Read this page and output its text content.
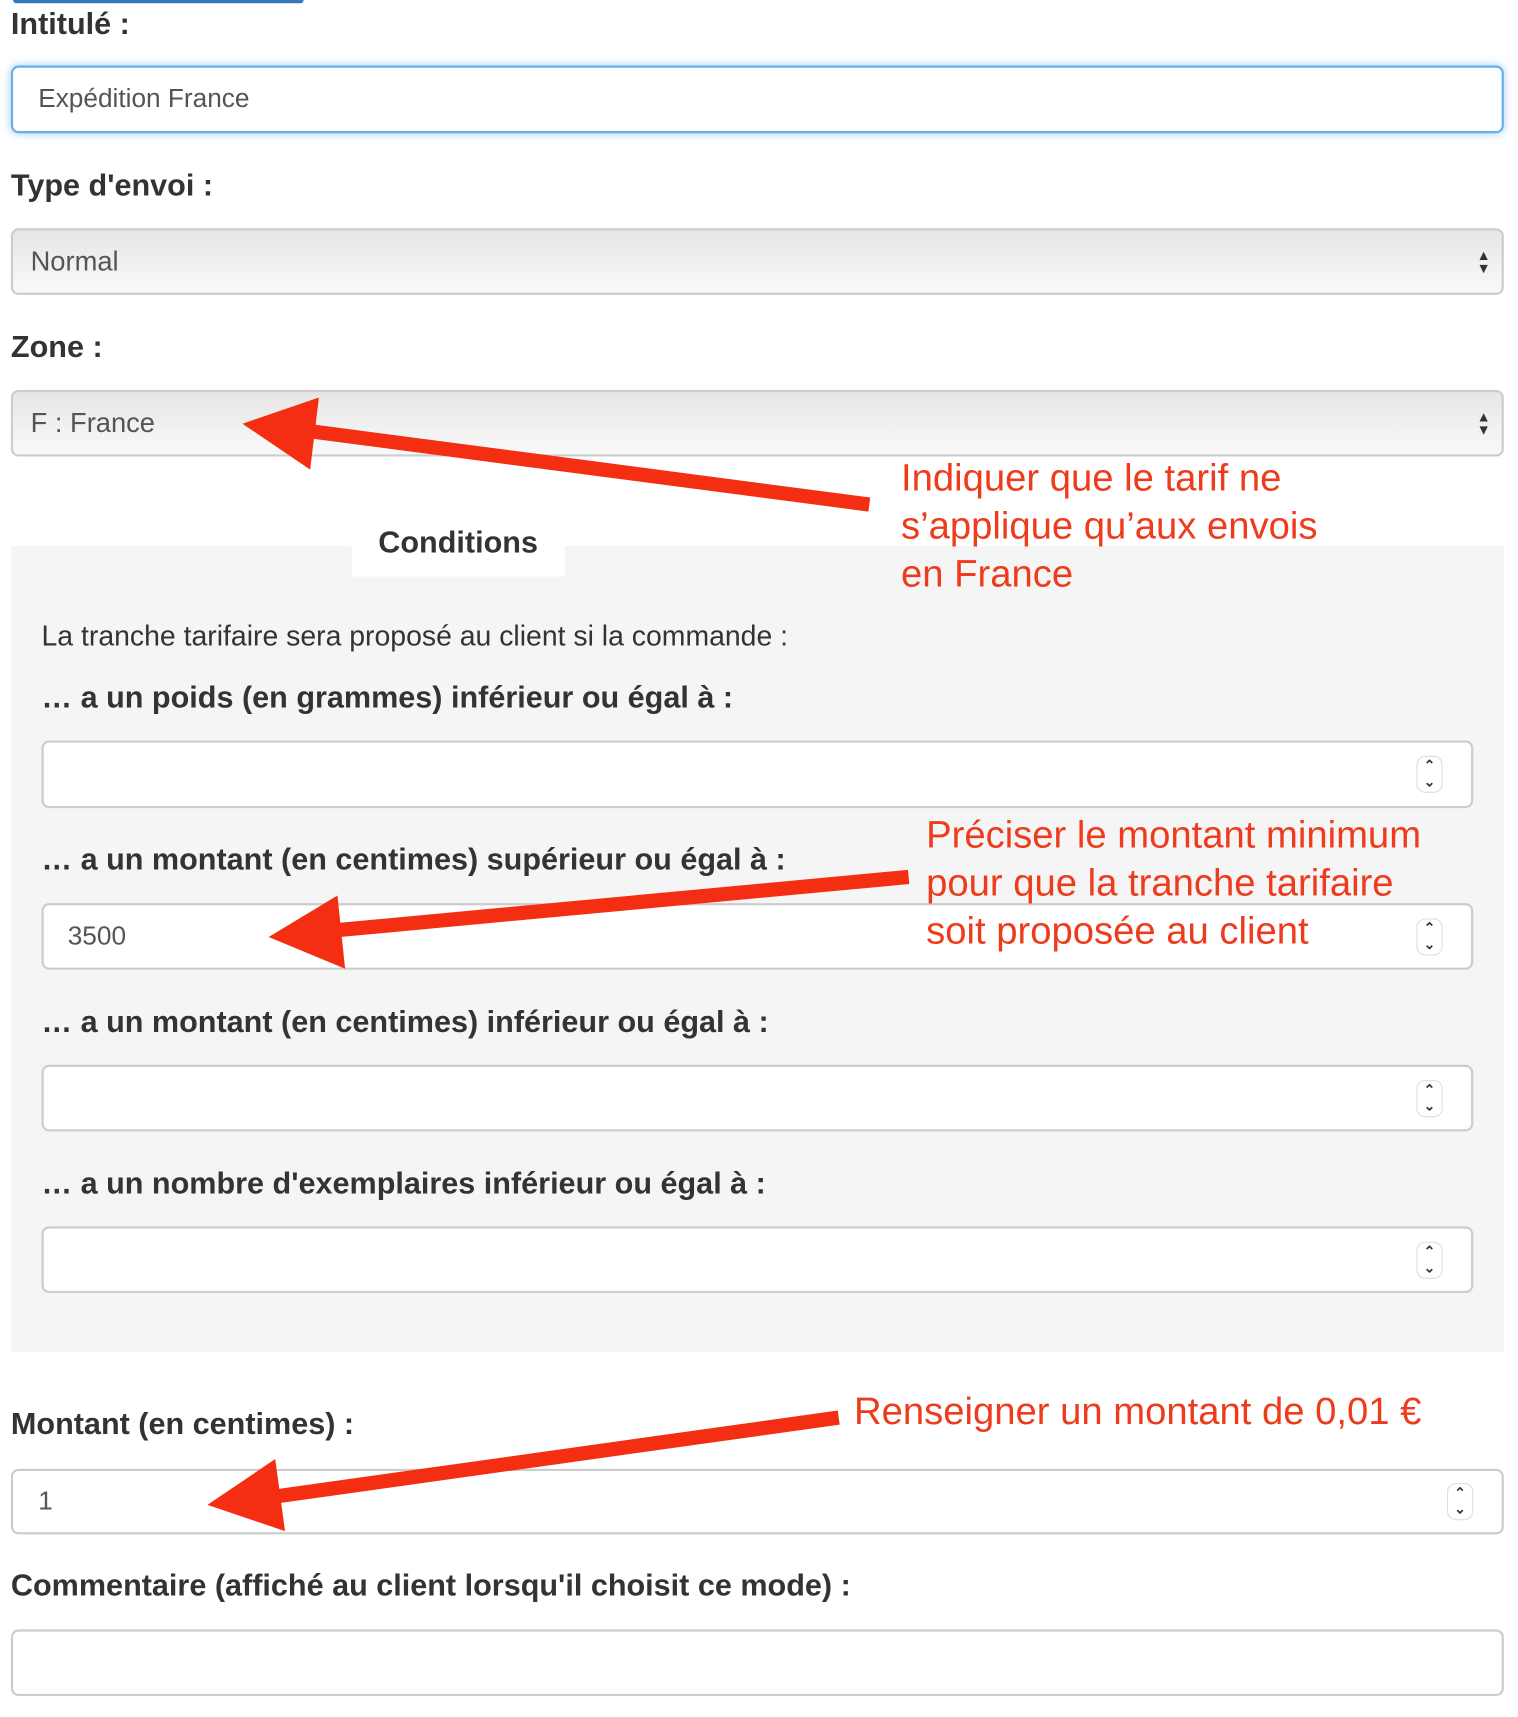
Intitulé :
Expédition France
Type d'envoi :
Normal	▲
▼
Zone :
F : France	▲
▼
Conditions
La tranche tarifaire sera proposé au client si la commande :
… a un poids (en grammes) inférieur ou égal à :
⌃
⌄
… a un montant (en centimes) supérieur ou égal à :
3500	⌃
⌄
… a un montant (en centimes) inférieur ou égal à :
⌃
⌄
… a un nombre d'exemplaires inférieur ou égal à :
⌃
⌄
Montant (en centimes) :
1	⌃
⌄
Commentaire (affiché au client lorsqu'il choisit ce mode) :
Indiquer que le tarif ne
s’applique qu’aux envois
en France
Préciser le montant minimum
pour que la tranche tarifaire
soit proposée au client
Renseigner un montant de 0,01 €
